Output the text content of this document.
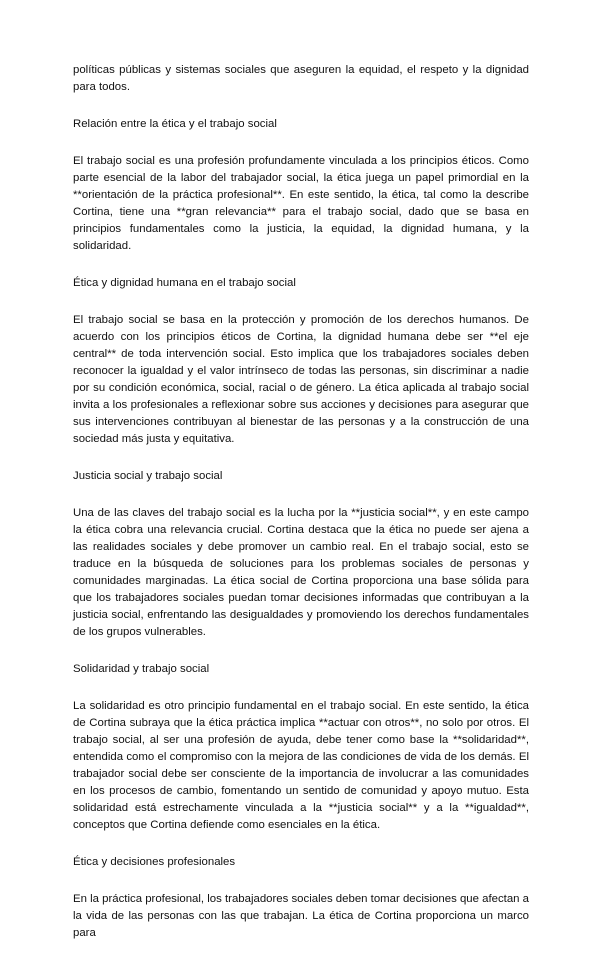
políticas públicas y sistemas sociales que aseguren la equidad, el respeto y la dignidad para todos.

Relación entre la ética y el trabajo social

El trabajo social es una profesión profundamente vinculada a los principios éticos. Como parte esencial de la labor del trabajador social, la ética juega un papel primordial en la **orientación de la práctica profesional**. En este sentido, la ética, tal como la describe Cortina, tiene una **gran relevancia** para el trabajo social, dado que se basa en principios fundamentales como la justicia, la equidad, la dignidad humana, y la solidaridad.

Ética y dignidad humana en el trabajo social

El trabajo social se basa en la protección y promoción de los derechos humanos. De acuerdo con los principios éticos de Cortina, la dignidad humana debe ser **el eje central** de toda intervención social. Esto implica que los trabajadores sociales deben reconocer la igualdad y el valor intrínseco de todas las personas, sin discriminar a nadie por su condición económica, social, racial o de género. La ética aplicada al trabajo social invita a los profesionales a reflexionar sobre sus acciones y decisiones para asegurar que sus intervenciones contribuyan al bienestar de las personas y a la construcción de una sociedad más justa y equitativa.

Justicia social y trabajo social

Una de las claves del trabajo social es la lucha por la **justicia social**, y en este campo la ética cobra una relevancia crucial. Cortina destaca que la ética no puede ser ajena a las realidades sociales y debe promover un cambio real. En el trabajo social, esto se traduce en la búsqueda de soluciones para los problemas sociales de personas y comunidades marginadas. La ética social de Cortina proporciona una base sólida para que los trabajadores sociales puedan tomar decisiones informadas que contribuyan a la justicia social, enfrentando las desigualdades y promoviendo los derechos fundamentales de los grupos vulnerables.

Solidaridad y trabajo social

La solidaridad es otro principio fundamental en el trabajo social. En este sentido, la ética de Cortina subraya que la ética práctica implica **actuar con otros**, no solo por otros. El trabajo social, al ser una profesión de ayuda, debe tener como base la **solidaridad**, entendida como el compromiso con la mejora de las condiciones de vida de los demás. El trabajador social debe ser consciente de la importancia de involucrar a las comunidades en los procesos de cambio, fomentando un sentido de comunidad y apoyo mutuo. Esta solidaridad está estrechamente vinculada a la **justicia social** y a la **igualdad**, conceptos que Cortina defiende como esenciales en la ética.

Ética y decisiones profesionales

En la práctica profesional, los trabajadores sociales deben tomar decisiones que afectan a la vida de las personas con las que trabajan. La ética de Cortina proporciona un marco para
